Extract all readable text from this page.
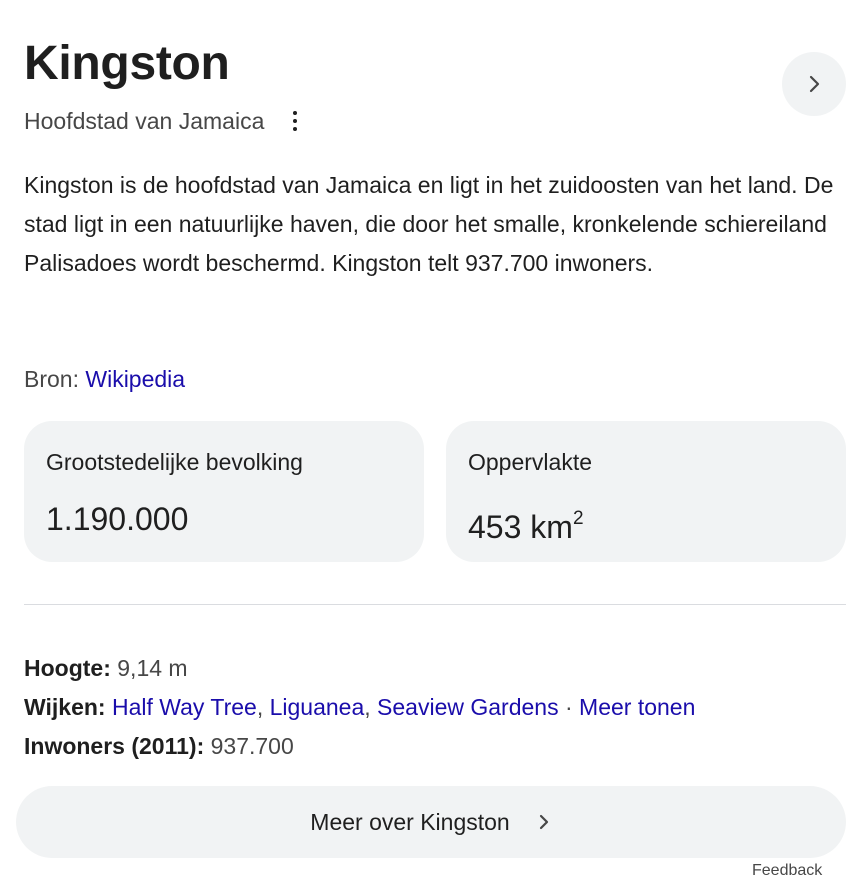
Kingston
Hoofdstad van Jamaica

Kingston is de hoofdstad van Jamaica en ligt in het zuidoosten van het land. De stad ligt in een natuurlijke haven, die door het smalle, kronkelende schiereiland Palisadoes wordt beschermd. Kingston telt 937.700 inwoners.

Bron: Wikipedia
Grootstedelijke bevolking
1.190.000
Oppervlakte
453 $km^2$
Hoogte: 9,14 m
Wijken: Half Way Tree, Liguanea, Seaview Gardens · Meer tonen
Inwoners (2011): 937.700
Meer over Kingston
Feedback
